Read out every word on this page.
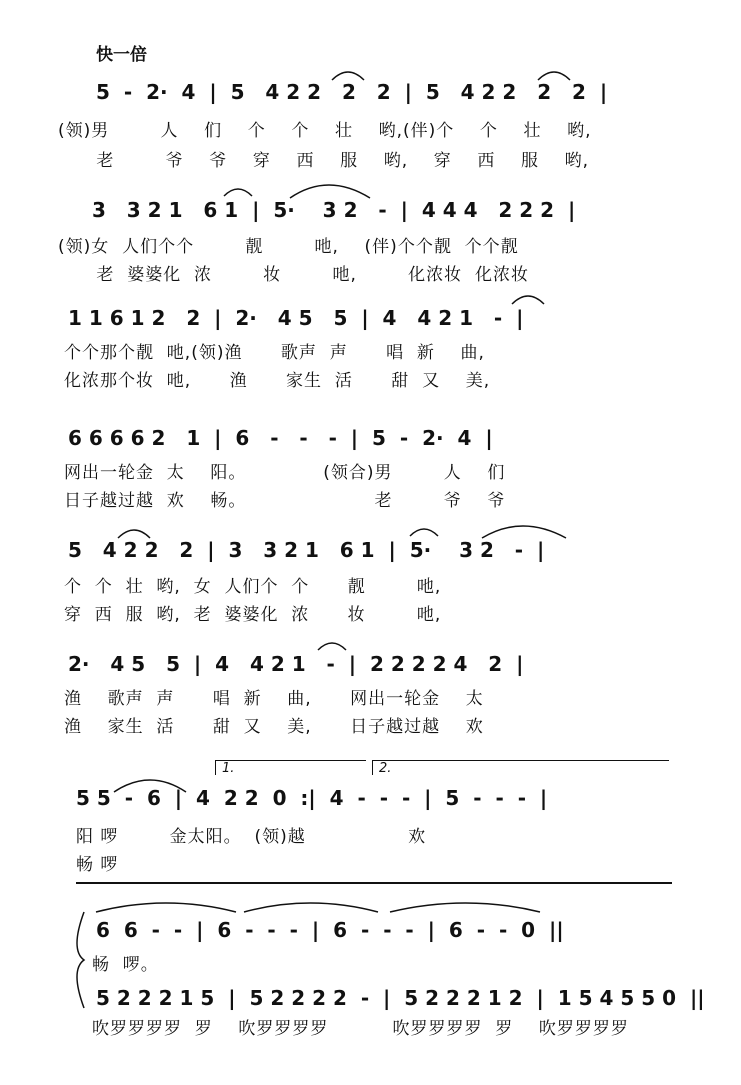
快一倍
5  -  2·  4  |  5   4 2 2   2   2  |  5   4 2 2   2   2  |
(领)男        人    们    个    个    壮    哟,(伴)个    个    壮    哟,
老        爷    爷    穿    西    服    哟,    穿    西    服    哟,
3   3 2 1   6 1  |  5·    3 2   -  |  4 4 4   2 2 2  |
(领)女  人们个个        靓        吔,    (伴)个个靓  个个靓
老  婆婆化  浓        妆        吔,        化浓妆  化浓妆
1 1 6 1 2   2  |  2·   4 5   5  |  4   4 2 1   -  |
个个那个靓  吔,(领)渔      歌声  声      唱  新    曲,
化浓那个妆  吔,      渔      家生  活      甜  又    美,
6 6 6 6 2   1  |  6   -   -   -  |  5  -  2·  4  |
网出一轮金  太    阳。            (领合)男        人    们
日子越过越  欢    畅。                    老        爷    爷
5   4 2 2   2  |  3   3 2 1   6 1  |  5·    3 2   -  |
个  个  壮  哟,  女  人们个  个      靓        吔,
穿  西  服  哟,  老  婆婆化  浓      妆        吔,
2·   4 5   5  |  4   4 2 1   -  |  2 2 2 2 4   2  |
渔    歌声  声      唱  新    曲,      网出一轮金    太
渔    家生  活      甜  又    美,      日子越过越    欢
1.	2.
5 5  -  6  |  4  2 2  0  :|  4  -  -  -  |  5  -  -  -  |
阳 啰        金太阳。  (领)越                欢
畅 啰
6  6  -  -  |  6  -  -  -  |  6  -  -  -  |  6  -  -  0  ||
畅  啰。
5 2 2 2 1 5  |  5 2 2 2 2  -  |  5 2 2 2 1 2  |  1 5 4 5 5 0  ||
吹罗罗罗罗  罗    吹罗罗罗罗          吹罗罗罗罗  罗    吹罗罗罗罗
